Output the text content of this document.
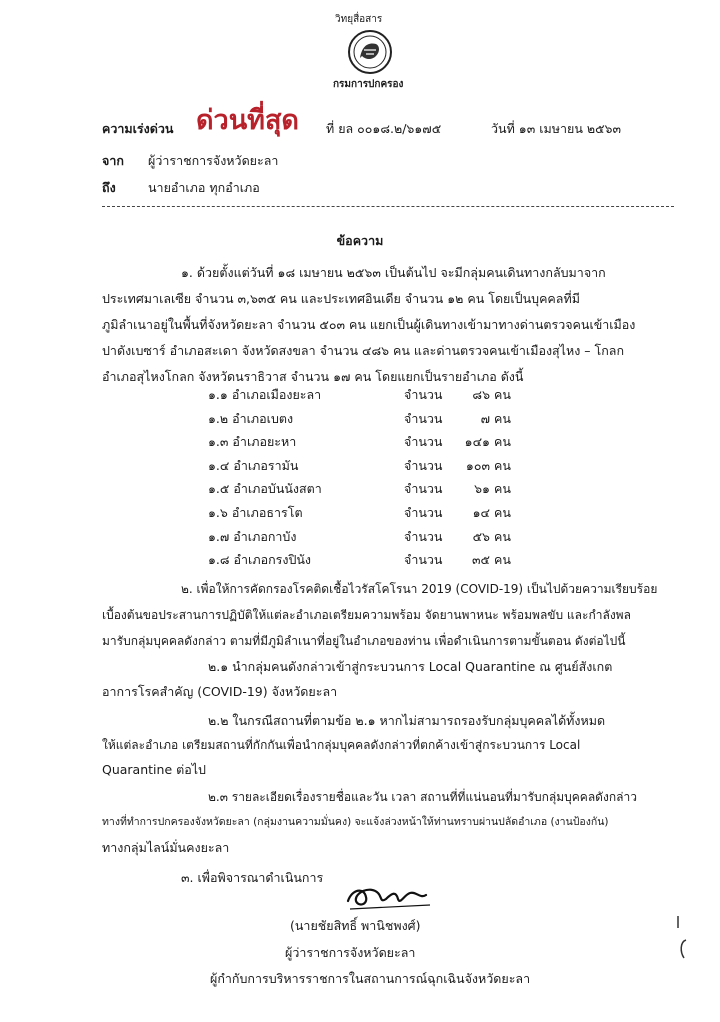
วิทยุสื่อสาร
กรมการปกครอง
ความเร่งด่วน ด่วนที่สุด ที่ ยล ๐๐๑๘.๒/๖๑๗๕	วันที่ ๑๓ เมษายน ๒๕๖๓
จาก ผู้ว่าราชการจังหวัดยะลา
ถึง	นายอำเภอ ทุกอำเภอ
ข้อความ
๑. ด้วยตั้งแต่วันที่ ๑๘ เมษายน ๒๕๖๓ เป็นต้นไป จะมีกลุ่มคนเดินทางกลับมาจาก
ประเทศมาเลเซีย จำนวน ๓,๖๓๕ คน และประเทศอินเดีย จำนวน ๑๒ คน โดยเป็นบุคคลที่มี
ภูมิลำเนาอยู่ในพื้นที่จังหวัดยะลา จำนวน ๕๐๓ คน แยกเป็นผู้เดินทางเข้ามาทางด่านตรวจคนเข้าเมือง
ปาดังเบซาร์ อำเภอสะเดา จังหวัดสงขลา จำนวน ๔๘๖ คน และด่านตรวจคนเข้าเมืองสุไหง – โกลก
อำเภอสุไหงโกลก จังหวัดนราธิวาส จำนวน ๑๗ คน โดยแยกเป็นรายอำเภอ ดังนี้
๑.๑ อำเภอเมืองยะลา	จำนวน	๘๖ คน
๑.๒ อำเภอเบตง	จำนวน	๗ คน
๑.๓ อำเภอยะหา	จำนวน	๑๔๑ คน
๑.๔ อำเภอรามัน	จำนวน	๑๐๓ คน
๑.๕ อำเภอบันนังสตา	จำนวน	๖๑ คน
๑.๖ อำเภอธารโต	จำนวน	๑๔ คน
๑.๗ อำเภอกาบัง	จำนวน	๕๖ คน
๑.๘ อำเภอกรงปินัง	จำนวน	๓๕ คน
๒. เพื่อให้การคัดกรองโรคติดเชื้อไวรัสโคโรนา 2019 (COVID-19) เป็นไปด้วยความเรียบร้อย
เบื้องต้นขอประสานการปฏิบัติให้แต่ละอำเภอเตรียมความพร้อม จัดยานพาหนะ พร้อมพลขับ และกำลังพล
มารับกลุ่มบุคคลดังกล่าว ตามที่มีภูมิลำเนาที่อยู่ในอำเภอของท่าน เพื่อดำเนินการตามขั้นตอน ดังต่อไปนี้
๒.๑ นำกลุ่มคนดังกล่าวเข้าสู่กระบวนการ Local Quarantine ณ ศูนย์สังเกต
อาการโรคสำคัญ (COVID-19) จังหวัดยะลา
๒.๒ ในกรณีสถานที่ตามข้อ ๒.๑ หากไม่สามารถรองรับกลุ่มบุคคลได้ทั้งหมด
ให้แต่ละอำเภอ เตรียมสถานที่กักกันเพื่อนำกลุ่มบุคคลดังกล่าวที่ตกค้างเข้าสู่กระบวนการ Local
Quarantine ต่อไป
๒.๓ รายละเอียดเรื่องรายชื่อและวัน เวลา สถานที่ที่แน่นอนที่มารับกลุ่มบุคคลดังกล่าว
ทางที่ทำการปกครองจังหวัดยะลา (กลุ่มงานความมั่นคง) จะแจ้งล่วงหน้าให้ท่านทราบผ่านปลัดอำเภอ (งานป้องกัน)
ทางกลุ่มไลน์มั่นคงยะลา
๓. เพื่อพิจารณาดำเนินการ
(นายชัยสิทธิ์ พานิชพงศ์)
ผู้ว่าราชการจังหวัดยะลา
ผู้กำกับการบริหารราชการในสถานการณ์ฉุกเฉินจังหวัดยะลา
